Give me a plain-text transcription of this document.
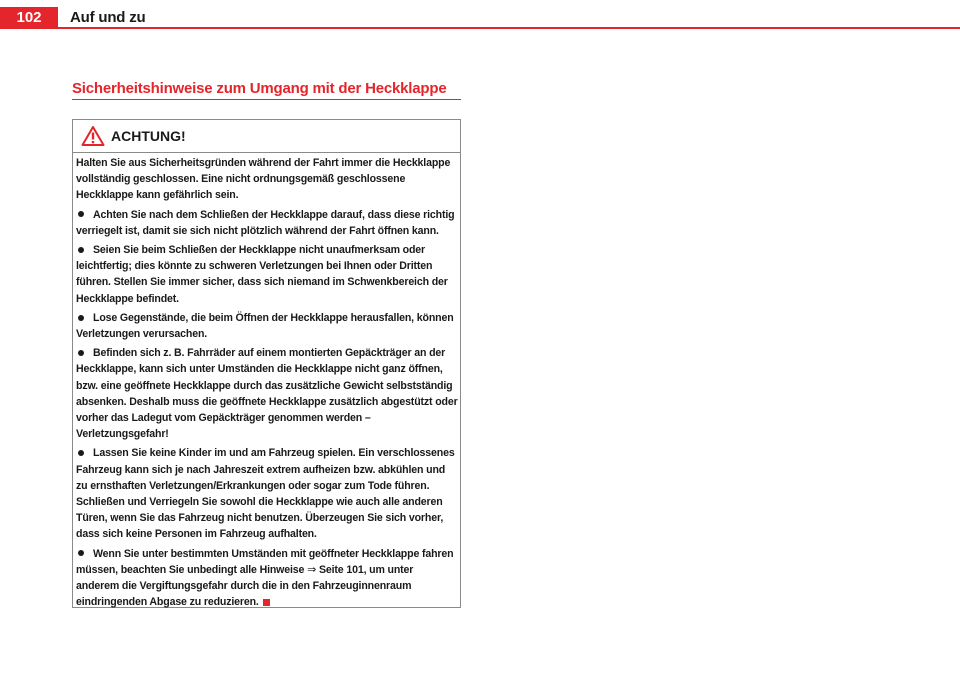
102	Auf und zu
Sicherheitshinweise zum Umgang mit der Heckklappe
ACHTUNG!

Halten Sie aus Sicherheitsgründen während der Fahrt immer die Heckklappe vollständig geschlossen. Eine nicht ordnungsgemäß geschlossene Heckklappe kann gefährlich sein.

Achten Sie nach dem Schließen der Heckklappe darauf, dass diese richtig verriegelt ist, damit sie sich nicht plötzlich während der Fahrt öffnen kann.

Seien Sie beim Schließen der Heckklappe nicht unaufmerksam oder leichtfertig; dies könnte zu schweren Verletzungen bei Ihnen oder Dritten führen. Stellen Sie immer sicher, dass sich niemand im Schwenkbereich der Heckklappe befindet.

Lose Gegenstände, die beim Öffnen der Heckklappe herausfallen, können Verletzungen verursachen.

Befinden sich z. B. Fahrräder auf einem montierten Gepäckträger an der Heckklappe, kann sich unter Umständen die Heckklappe nicht ganz öffnen, bzw. eine geöffnete Heckklappe durch das zusätzliche Gewicht selbstständig absenken. Deshalb muss die geöffnete Heckklappe zusätzlich abgestützt oder vorher das Ladegut vom Gepäckträger genommen werden – Verletzungsgefahr!

Lassen Sie keine Kinder im und am Fahrzeug spielen. Ein verschlossenes Fahrzeug kann sich je nach Jahreszeit extrem aufheizen bzw. abkühlen und zu ernsthaften Verletzungen/Erkrankungen oder sogar zum Tode führen. Schließen und Verriegeln Sie sowohl die Heckklappe wie auch alle anderen Türen, wenn Sie das Fahrzeug nicht benutzen. Überzeugen Sie sich vorher, dass sich keine Personen im Fahrzeug aufhalten.

Wenn Sie unter bestimmten Umständen mit geöffneter Heckklappe fahren müssen, beachten Sie unbedingt alle Hinweise ⇒ Seite 101, um unter anderem die Vergiftungsgefahr durch die in den Fahrzeuginnenraum eindringenden Abgase zu reduzieren.
